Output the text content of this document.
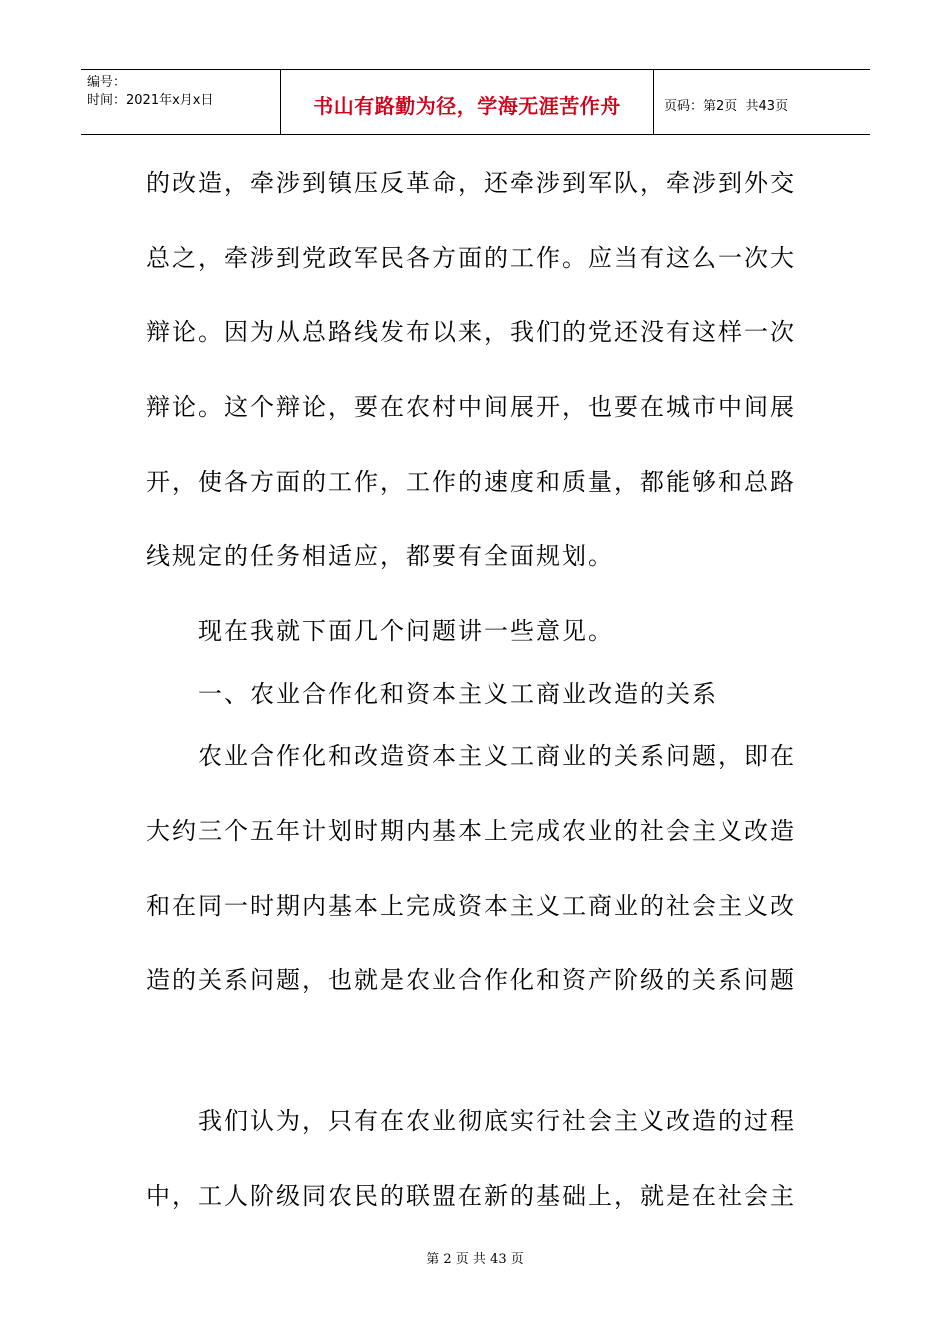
编号：
时间：2021年x月x日	书山有路勤为径，学海无涯苦作舟	页码：第2页  共43页
的改造，牵涉到镇压反革命，还牵涉到军队，牵涉到外交
总之，牵涉到党政军民各方面的工作。应当有这么一次大
辩论。因为从总路线发布以来，我们的党还没有这样一次
辩论。这个辩论，要在农村中间展开，也要在城市中间展
开，使各方面的工作，工作的速度和质量，都能够和总路
线规定的任务相适应，都要有全面规划。
现在我就下面几个问题讲一些意见。
一、农业合作化和资本主义工商业改造的关系
农业合作化和改造资本主义工商业的关系问题，即在
大约三个五年计划时期内基本上完成农业的社会主义改造
和在同一时期内基本上完成资本主义工商业的社会主义改
造的关系问题，也就是农业合作化和资产阶级的关系问题
我们认为，只有在农业彻底实行社会主义改造的过程
中，工人阶级同农民的联盟在新的基础上，就是在社会主
第 2 页 共 43 页
